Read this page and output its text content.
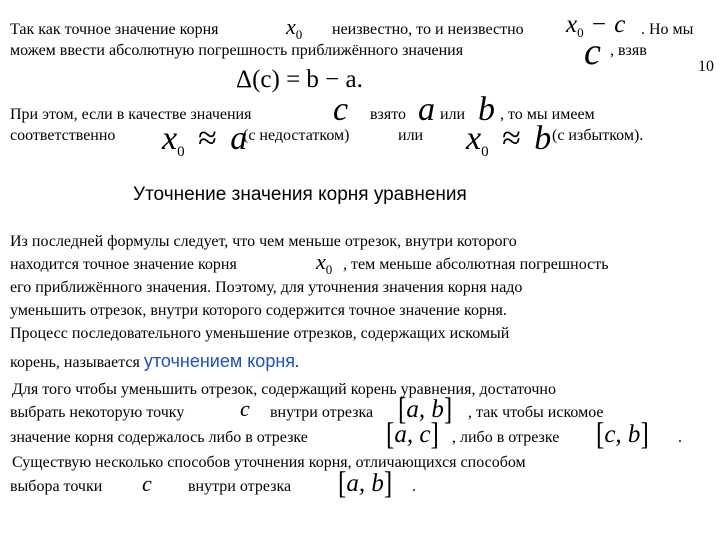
10
Так как точное значение корня	$x_0$ неизвестно, то и неизвестно $x_0 - c$ . Но мы
можем ввести абсолютную погрешность приближённого значения	c , взяв
Δ(c) = b − a.
При этом, если в качестве значения c взято a или b , то мы имеем
соответственно $x_0 \approx a$
(с недостатком)	или $x_0 \approx b$ (с избытком).
Уточнение значения корня уравнения
Из последней формулы следует, что чем меньше отрезок, внутри которого
находится точное значение корня	$x_0$ , тем меньше абсолютная погрешность
его приближённого значения. Поэтому, для уточнения значения корня надо
уменьшить отрезок, внутри которого содержится точное значение корня.
Процесс последовательного уменьшение отрезков, содержащих искомый
корень, называется уточнением корня.
Для того чтобы уменьшить отрезок, содержащий корень уравнения, достаточно
выбрать некоторую точку	c внутри отрезка [a, b] , так чтобы искомое
значение корня содержалось либо в отрезке	[a, c] , либо в отрезке [c, b] .
Существую несколько способов уточнения корня, отличающихся способом
выбора точки c внутри отрезка [a, b] .
